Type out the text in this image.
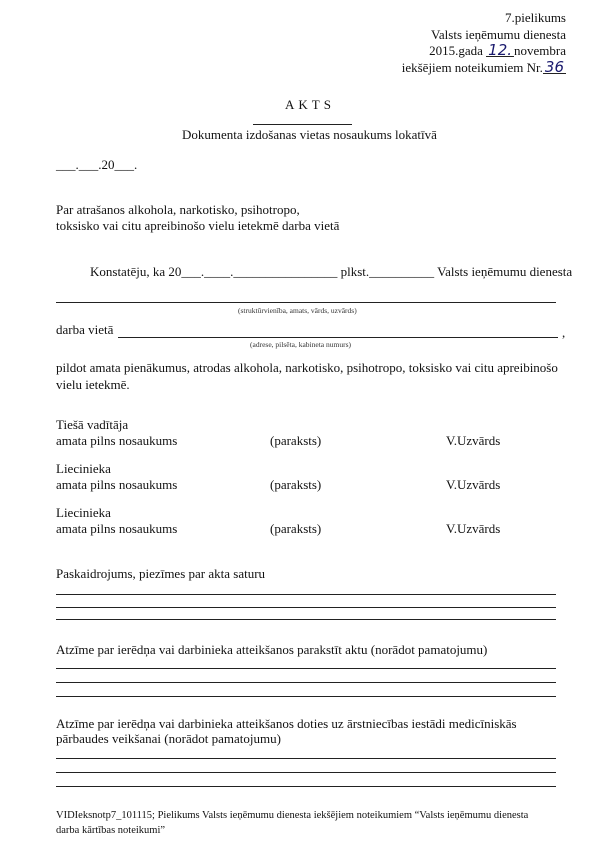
7.pielikums
Valsts ieņēmumu dienesta
2015.gada 12. novembra
iekšējiem noteikumiem Nr. 36
AKTS
Dokumenta izdošanas vietas nosaukums lokatīvā
___.___.20___.
Par atrašanos alkohola, narkotisko, psihotropo,
toksisko vai citu apreibinošo vielu ietekmē darba vietā
Konstatēju, ka 20___.____.________________ plkst.__________ Valsts ieņēmumu dienesta
(struktūrvienība, amats, vārds, uzvārds)
darba vietā	,
(adrese, pilsēta, kabineta numurs)
pildot amata pienākumus, atrodas alkohola, narkotisko, psihotropo, toksisko vai citu apreibinošo
vielu ietekmē.
Tiešā vadītāja
amata pilns nosaukums	(paraksts)	V.Uzvārds
Liecinieka
amata pilns nosaukums	(paraksts)	V.Uzvārds
Liecinieka
amata pilns nosaukums	(paraksts)	V.Uzvārds
Paskaidrojums, piezīmes par akta saturu
Atzīme par ierēdņa vai darbinieka atteikšanos parakstīt aktu (norādot pamatojumu)
Atzīme par ierēdņa vai darbinieka atteikšanos doties uz ārstniecības iestādi medicīniskās
pārbaudes veikšanai (norādot pamatojumu)
VIDIeksnotp7_101115; Pielikums Valsts ieņēmumu dienesta iekšējiem noteikumiem “Valsts ieņēmumu dienesta
darba kārtības noteikumi”
